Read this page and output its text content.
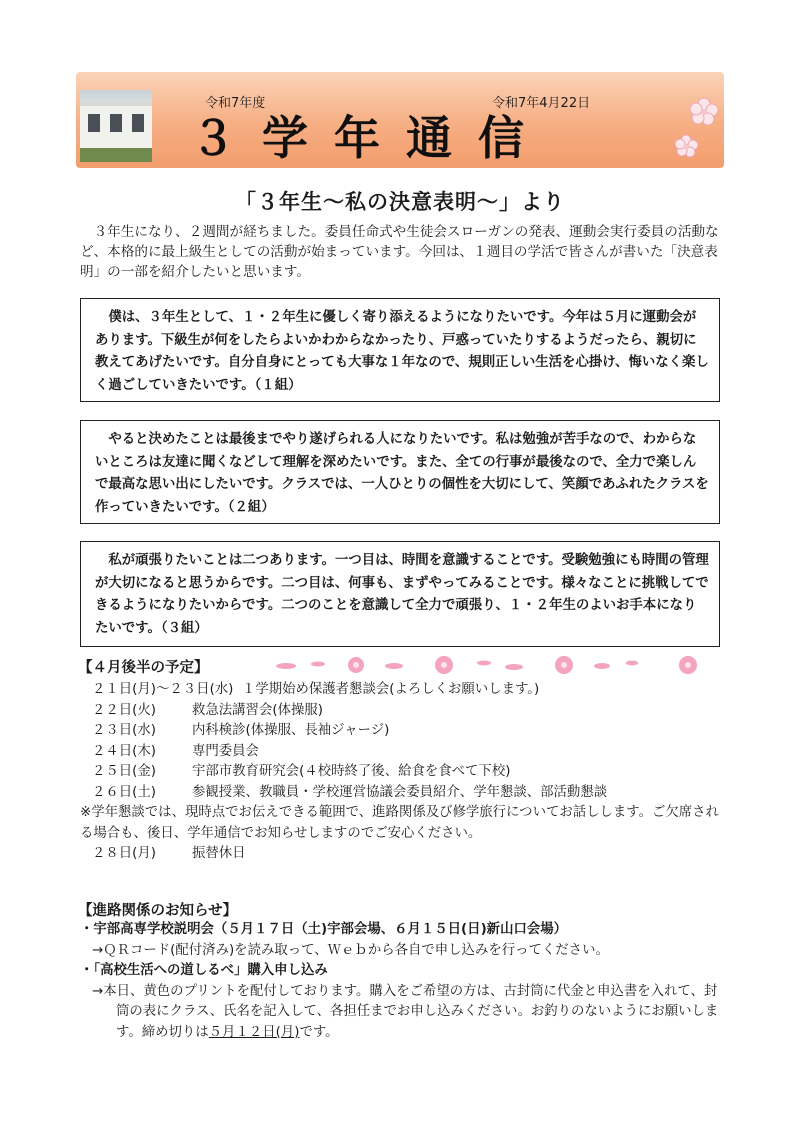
令和7年度	令和7年4月22日
３学年通信
「３年生～私の決意表明～」より

３年生になり、２週間が経ちました。委員任命式や生徒会スローガンの発表、運動会実行委員の活動など、本格的に最上級生としての活動が始まっています。今回は、１週目の学活で皆さんが書いた「決意表明」の一部を紹介したいと思います。

僕は、３年生として、１・２年生に優しく寄り添えるようになりたいです。今年は５月に運動会があります。下級生が何をしたらよいかわからなかったり、戸惑っていたりするようだったら、親切に教えてあげたいです。自分自身にとっても大事な１年なので、規則正しい生活を心掛け、悔いなく楽しく過ごしていきたいです。（１組）
やると決めたことは最後までやり遂げられる人になりたいです。私は勉強が苦手なので、わからないところは友達に聞くなどして理解を深めたいです。また、全ての行事が最後なので、全力で楽しんで最高な思い出にしたいです。クラスでは、一人ひとりの個性を大切にして、笑顔であふれたクラスを作っていきたいです。（２組）
私が頑張りたいことは二つあります。一つ目は、時間を意識することです。受験勉強にも時間の管理が大切になると思うからです。二つ目は、何事も、まずやってみることです。様々なことに挑戦してできるようになりたいからです。二つのことを意識して全力で頑張り、１・２年生のよいお手本になりたいです。（３組）
【４月後半の予定】
２１日(月)～２３日(水) １学期始め保護者懇談会(よろしくお願いします。)
２２日(火)	救急法講習会(体操服)
２３日(水)	内科検診(体操服、長袖ジャージ)
２４日(木)	専門委員会
２５日(金)	宇部市教育研究会(４校時終了後、給食を食べて下校)
２６日(土)	参観授業、教職員・学校運営協議会委員紹介、学年懇談、部活動懇談
※学年懇談では、現時点でお伝えできる範囲で、進路関係及び修学旅行についてお話しします。ご欠席される場合も、後日、学年通信でお知らせしますのでご安心ください。
２８日(月)	振替休日
【進路関係のお知らせ】
・宇部高専学校説明会（５月１７日（土)宇部会場、６月１５日(日)新山口会場）
→ＱＲコード(配付済み)を読み取って、Ｗｅｂから各自で申し込みを行ってください。
・「高校生活への道しるべ」購入申し込み
→本日、黄色のプリントを配付しております。購入をご希望の方は、古封筒に代金と申込書を入れて、封筒の表にクラス、氏名を記入して、各担任までお申し込みください。お釣りのないようにお願いします。締め切りは５月１２日(月)です。
